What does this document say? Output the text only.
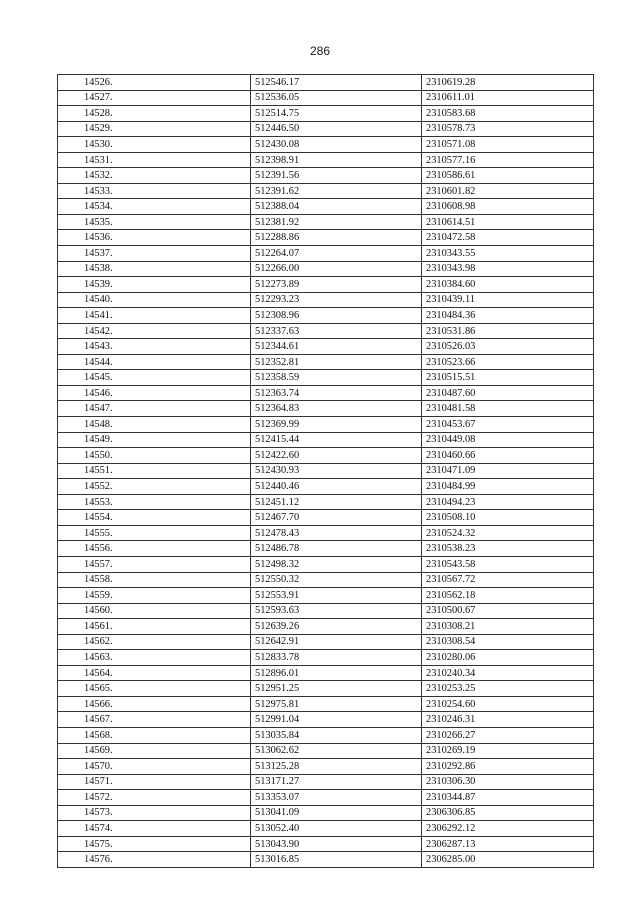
286
14526.	512546.17	2310619.28
14527.	512536.05	2310611.01
14528.	512514.75	2310583.68
14529.	512446.50	2310578.73
14530.	512430.08	2310571.08
14531.	512398.91	2310577.16
14532.	512391.56	2310586.61
14533.	512391.62	2310601.82
14534.	512388.04	2310608.98
14535.	512381.92	2310614.51
14536.	512288.86	2310472.58
14537.	512264.07	2310343.55
14538.	512266.00	2310343.98
14539.	512273.89	2310384.60
14540.	512293.23	2310439.11
14541.	512308.96	2310484.36
14542.	512337.63	2310531.86
14543.	512344.61	2310526.03
14544.	512352.81	2310523.66
14545.	512358.59	2310515.51
14546.	512363.74	2310487.60
14547.	512364.83	2310481.58
14548.	512369.99	2310453.67
14549.	512415.44	2310449.08
14550.	512422.60	2310460.66
14551.	512430.93	2310471.09
14552.	512440.46	2310484.99
14553.	512451.12	2310494.23
14554.	512467.70	2310508.10
14555.	512478.43	2310524.32
14556.	512486.78	2310538.23
14557.	512498.32	2310543.58
14558.	512550.32	2310567.72
14559.	512553.91	2310562.18
14560.	512593.63	2310500.67
14561.	512639.26	2310308.21
14562.	512642.91	2310308.54
14563.	512833.78	2310280.06
14564.	512896.01	2310240.34
14565.	512951.25	2310253.25
14566.	512975.81	2310254.60
14567.	512991.04	2310246.31
14568.	513035.84	2310266.27
14569.	513062.62	2310269.19
14570.	513125.28	2310292.86
14571.	513171.27	2310306.30
14572.	513353.07	2310344.87
14573.	513041.09	2306306.85
14574.	513052.40	2306292.12
14575.	513043.90	2306287.13
14576.	513016.85	2306285.00
